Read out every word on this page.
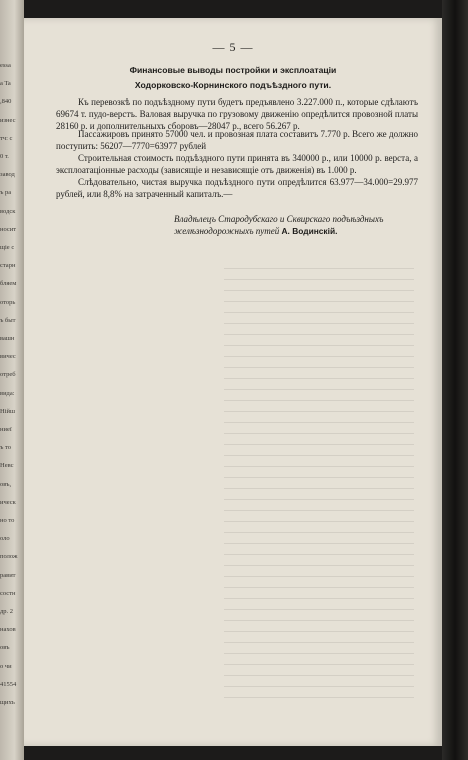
essa
a Ta
,840
изнес
тч: с
0 т.
завод
ъ ра
водск
носит
щіе с
старн
бляем
оторь
ъ быт
вашн
вичес
отреб
вида:
Нійш
ниеї
ъ то
Невс
овъ,
ическ
но то
оло
полож
равит
состн
др. 2
нахов
овъ
о чи
41554
щихъ
— 5 —
Финансовые выводы постройки и эксплоатаціи
Ходорковско-Корнинского подъѣздного пути.
Къ перевозкѣ по подъѣздному пути будетъ предъявлено 3.227.000 п., которые сдѣлаютъ 69674 т. пудо-верстъ. Валовая выручка по грузовому движенію опредѣлится провозной платы 28160 р. и дополнительныхъ сборовъ—28047 р., всего 56.267 р.
Пассажировъ принято 57000 чел. и провозная плата составитъ 7.770 р. Всего же должно поступить: 56207—7770=63977 рублей
Строительная стоимость подъѣздного пути принята въ 340000 р., или 10000 р. верста, а эксплоатаціонные расходы (зависящіе и независящіе отъ движенія) въ 1.000 р.
Слѣдовательно, чистая выручка подъѣздного пути опредѣлится 63.977—34.000=29.977 рублей, или 8,8% на затраченный капиталъ.—
Владѣлецъ Стародубскаго и Сквирскаго подъѣздныхъ желѣзнодорожныхъ путей А. Водинскій.
